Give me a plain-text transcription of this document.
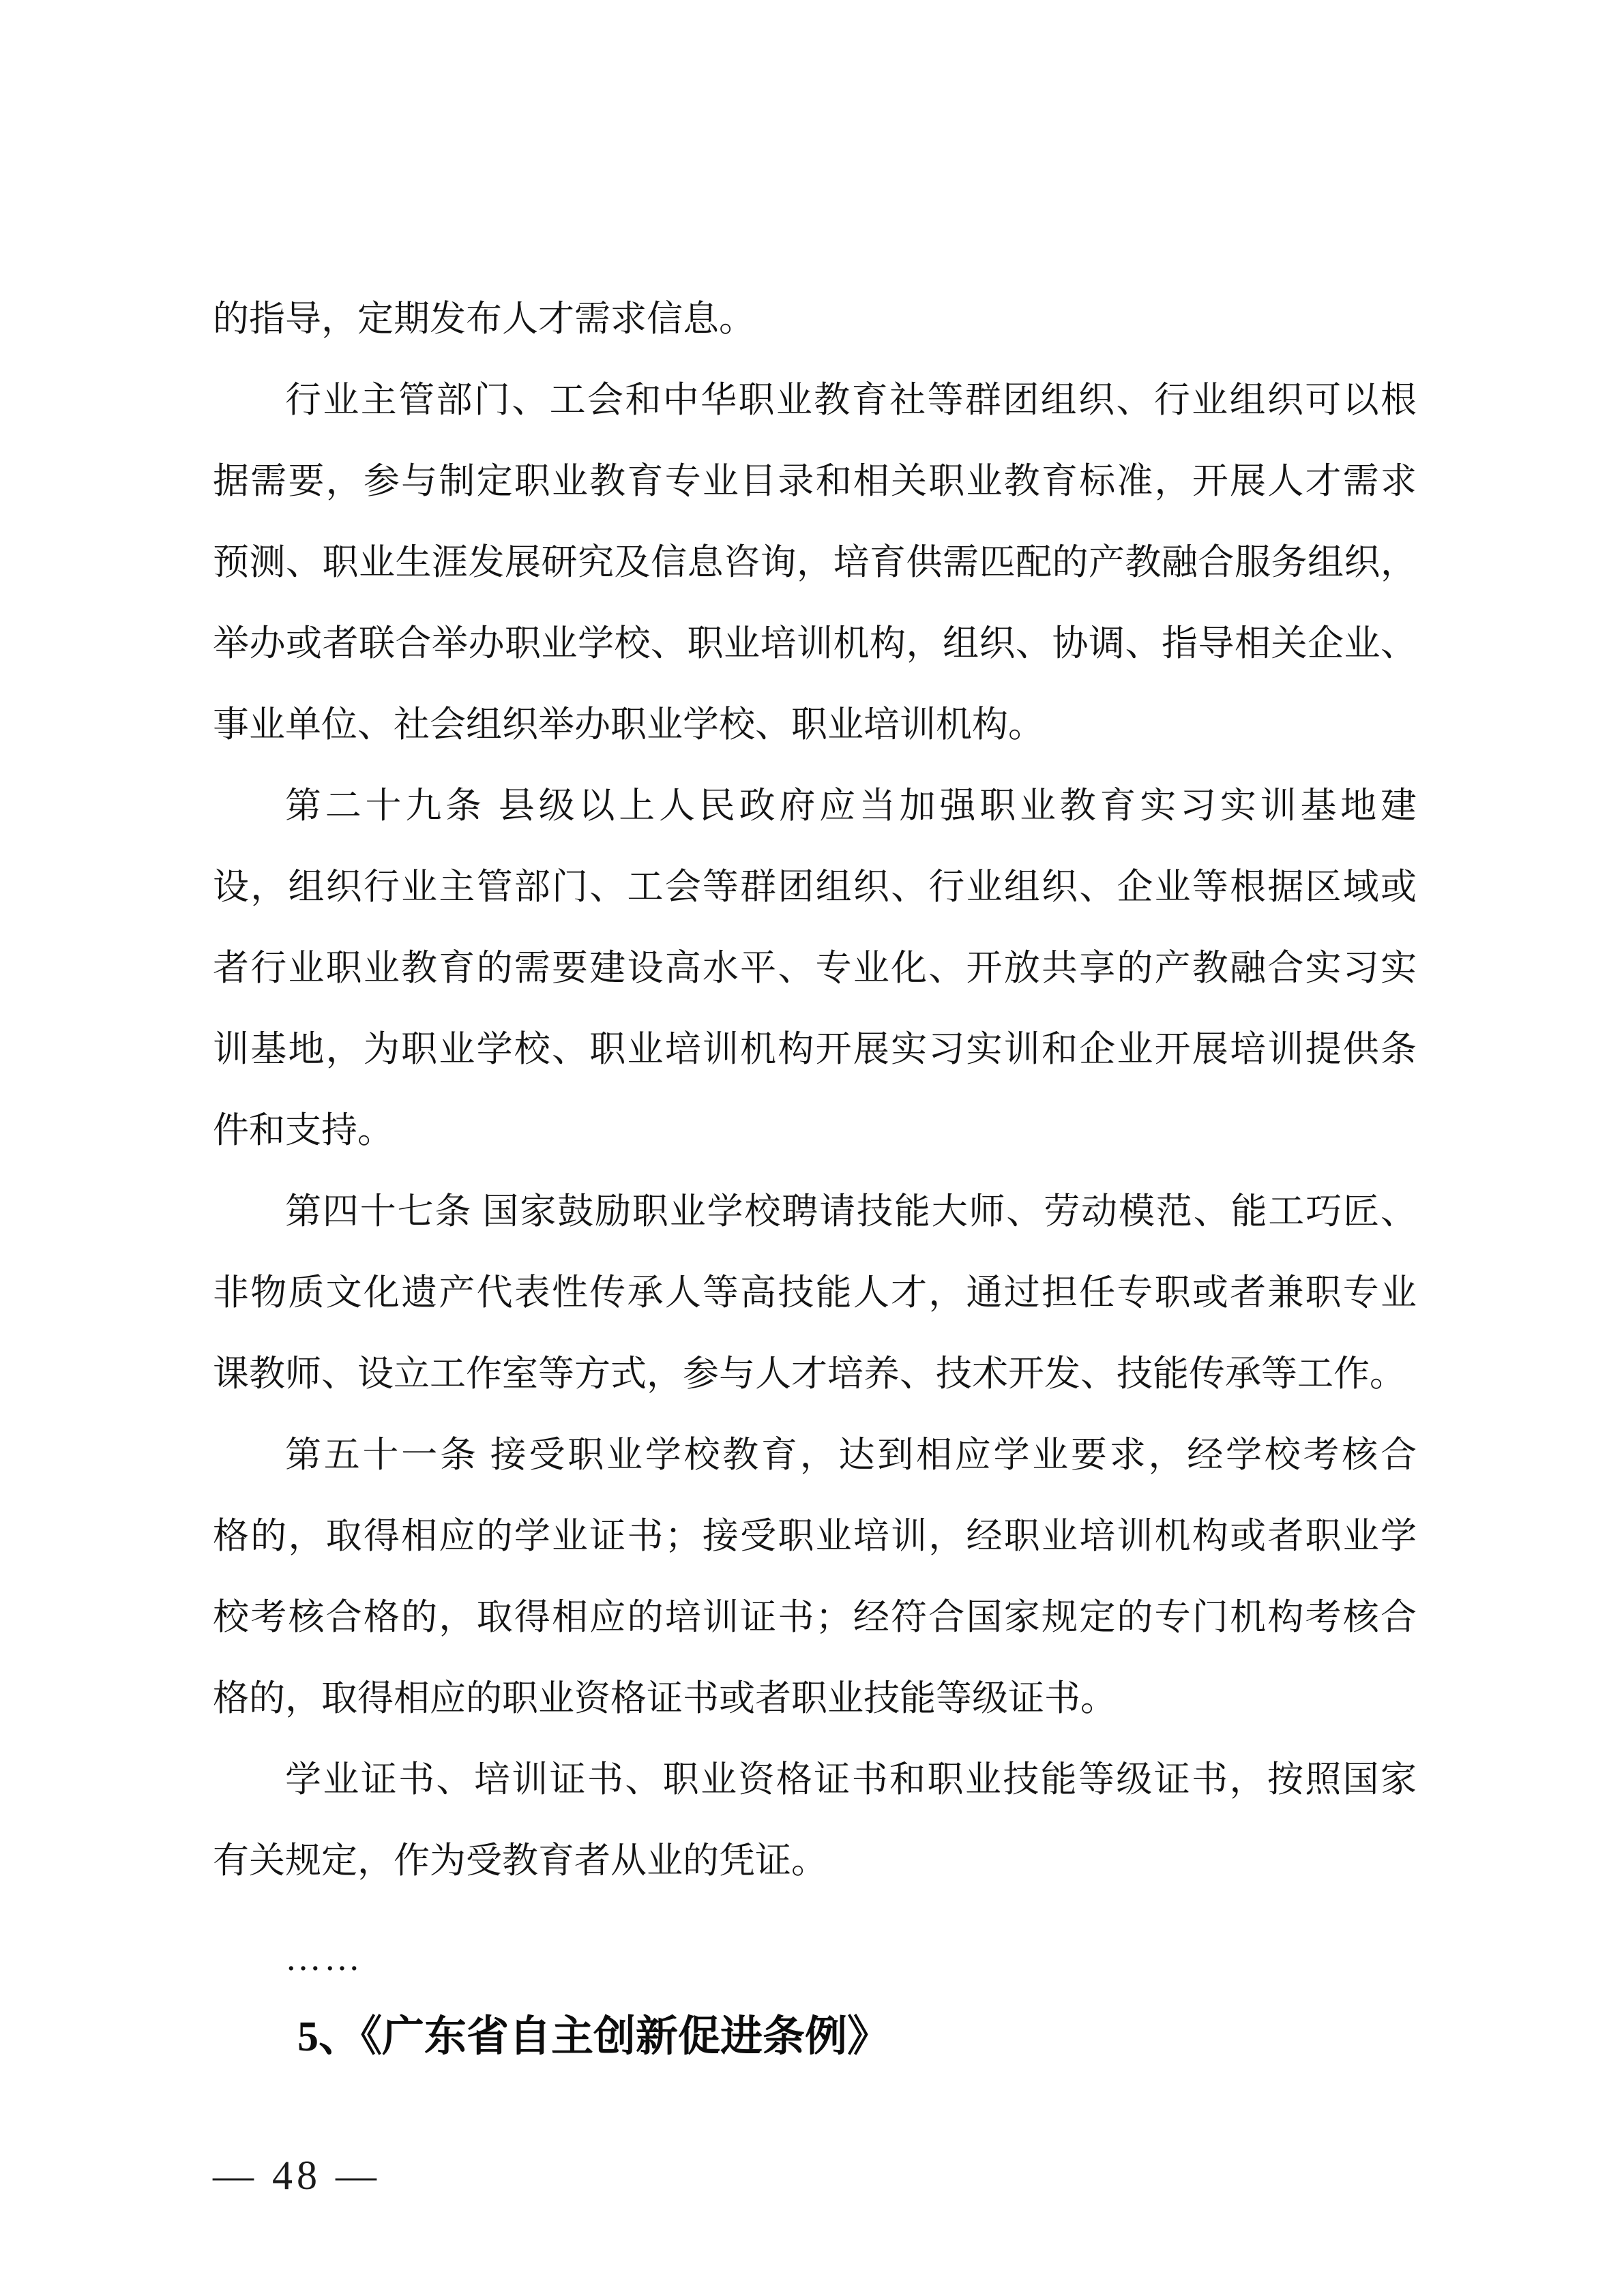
的指导，定期发布人才需求信息。
行业主管部门、工会和中华职业教育社等群团组织、行业组织可以根
据需要，参与制定职业教育专业目录和相关职业教育标准，开展人才需求
预测、职业生涯发展研究及信息咨询，培育供需匹配的产教融合服务组织，
举办或者联合举办职业学校、职业培训机构，组织、协调、指导相关企业、
事业单位、社会组织举办职业学校、职业培训机构。
第二十九条 县级以上人民政府应当加强职业教育实习实训基地建
设，组织行业主管部门、工会等群团组织、行业组织、企业等根据区域或
者行业职业教育的需要建设高水平、专业化、开放共享的产教融合实习实
训基地，为职业学校、职业培训机构开展实习实训和企业开展培训提供条
件和支持。
第四十七条 国家鼓励职业学校聘请技能大师、劳动模范、能工巧匠、
非物质文化遗产代表性传承人等高技能人才，通过担任专职或者兼职专业
课教师、设立工作室等方式，参与人才培养、技术开发、技能传承等工作。
第五十一条 接受职业学校教育，达到相应学业要求，经学校考核合
格的，取得相应的学业证书；接受职业培训，经职业培训机构或者职业学
校考核合格的，取得相应的培训证书；经符合国家规定的专门机构考核合
格的，取得相应的职业资格证书或者职业技能等级证书。
学业证书、培训证书、职业资格证书和职业技能等级证书，按照国家
有关规定，作为受教育者从业的凭证。
……
5、《广东省自主创新促进条例》
— 48 —
